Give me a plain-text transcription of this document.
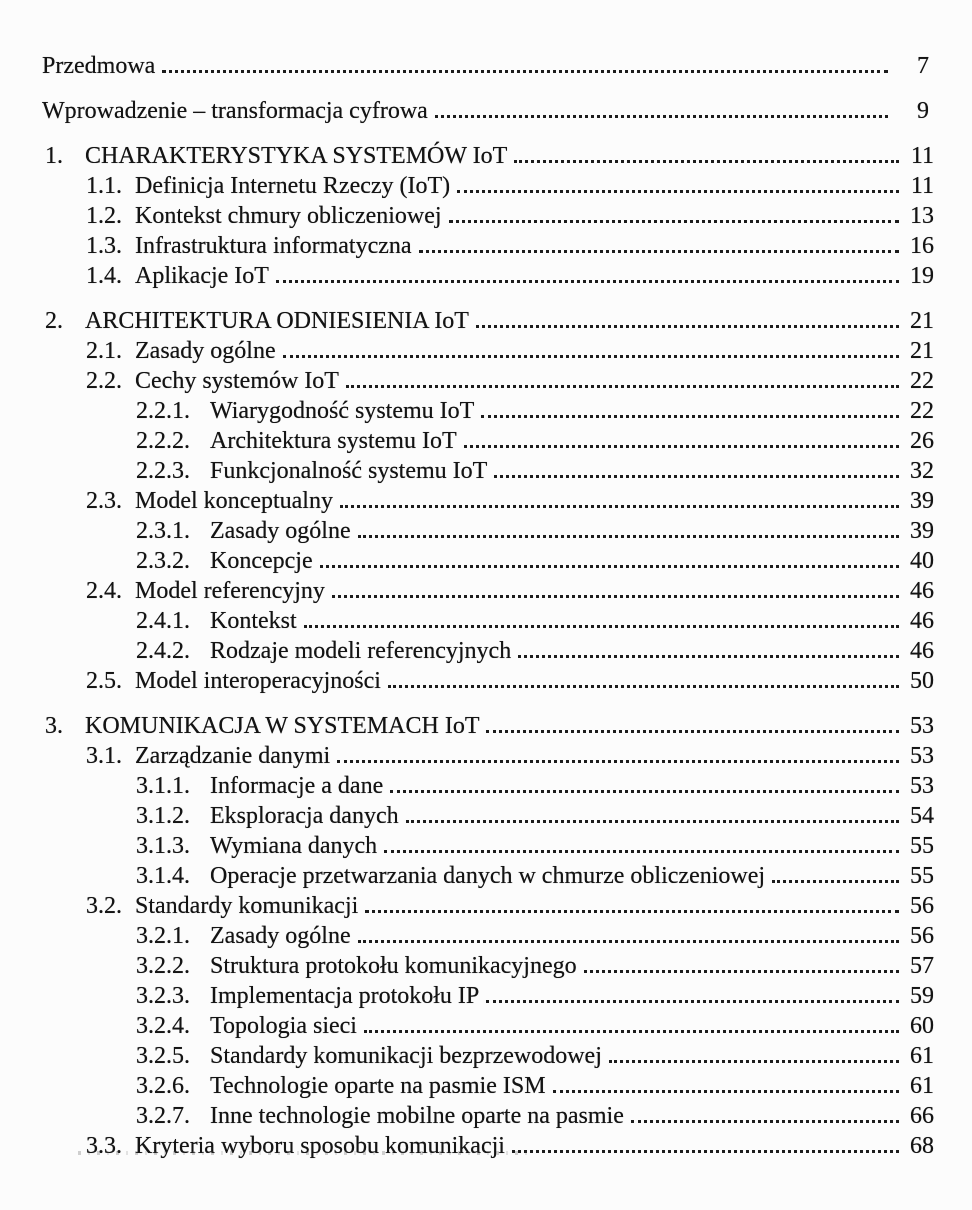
Przedmowa	7
Wprowadzenie – transformacja cyfrowa	9
1. CHARAKTERYSTYKA SYSTEMÓW IoT	11
1.1. Definicja Internetu Rzeczy (IoT)	11
1.2. Kontekst chmury obliczeniowej	13
1.3. Infrastruktura informatyczna	16
1.4. Aplikacje IoT	19
2. ARCHITEKTURA ODNIESIENIA IoT	21
2.1. Zasady ogólne	21
2.2. Cechy systemów IoT	22
2.2.1. Wiarygodność systemu IoT	22
2.2.2. Architektura systemu IoT	26
2.2.3. Funkcjonalność systemu IoT	32
2.3. Model konceptualny	39
2.3.1. Zasady ogólne	39
2.3.2. Koncepcje	40
2.4. Model referencyjny	46
2.4.1. Kontekst	46
2.4.2. Rodzaje modeli referencyjnych	46
2.5. Model interoperacyjności	50
3. KOMUNIKACJA W SYSTEMACH IoT	53
3.1. Zarządzanie danymi	53
3.1.1. Informacje a dane	53
3.1.2. Eksploracja danych	54
3.1.3. Wymiana danych	55
3.1.4. Operacje przetwarzania danych w chmurze obliczeniowej	55
3.2. Standardy komunikacji	56
3.2.1. Zasady ogólne	56
3.2.2. Struktura protokołu komunikacyjnego	57
3.2.3. Implementacja protokołu IP	59
3.2.4. Topologia sieci	60
3.2.5. Standardy komunikacji bezprzewodowej	61
3.2.6. Technologie oparte na pasmie ISM	61
3.2.7. Inne technologie mobilne oparte na pasmie	66
3.3. Kryteria wyboru sposobu komunikacji	68
